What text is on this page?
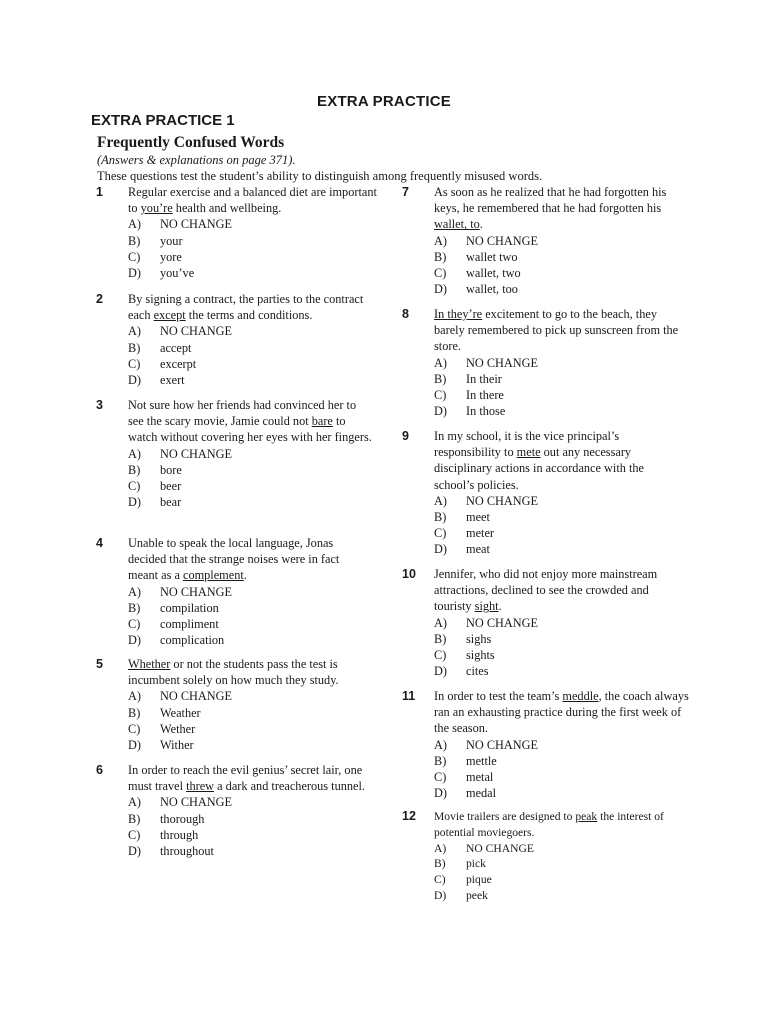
EXTRA PRACTICE
EXTRA PRACTICE 1
Frequently Confused Words
(Answers & explanations on page 371).
These questions test the student’s ability to distinguish among frequently misused words.
1 Regular exercise and a balanced diet are important to you’re health and wellbeing.
A) NO CHANGE
B) your
C) yore
D) you’ve
2 By signing a contract, the parties to the contract each except the terms and conditions.
A) NO CHANGE
B) accept
C) excerpt
D) exert
3 Not sure how her friends had convinced her to see the scary movie, Jamie could not bare to watch without covering her eyes with her fingers.
A) NO CHANGE
B) bore
C) beer
D) bear
4 Unable to speak the local language, Jonas decided that the strange noises were in fact meant as a complement.
A) NO CHANGE
B) compilation
C) compliment
D) complication
5 Whether or not the students pass the test is incumbent solely on how much they study.
A) NO CHANGE
B) Weather
C) Wether
D) Wither
6 In order to reach the evil genius’ secret lair, one must travel threw a dark and treacherous tunnel.
A) NO CHANGE
B) thorough
C) through
D) throughout
7 As soon as he realized that he had forgotten his keys, he remembered that he had forgotten his wallet, to.
A) NO CHANGE
B) wallet two
C) wallet, two
D) wallet, too
8 In they’re excitement to go to the beach, they barely remembered to pick up sunscreen from the store.
A) NO CHANGE
B) In their
C) In there
D) In those
9 In my school, it is the vice principal’s responsibility to mete out any necessary disciplinary actions in accordance with the school’s policies.
A) NO CHANGE
B) meet
C) meter
D) meat
10 Jennifer, who did not enjoy more mainstream attractions, declined to see the crowded and touristy sight.
A) NO CHANGE
B) sighs
C) sights
D) cites
11 In order to test the team’s meddle, the coach always ran an exhausting practice during the first week of the season.
A) NO CHANGE
B) mettle
C) metal
D) medal
12 Movie trailers are designed to peak the interest of potential moviegoers.
A) NO CHANGE
B) pick
C) pique
D) peek
